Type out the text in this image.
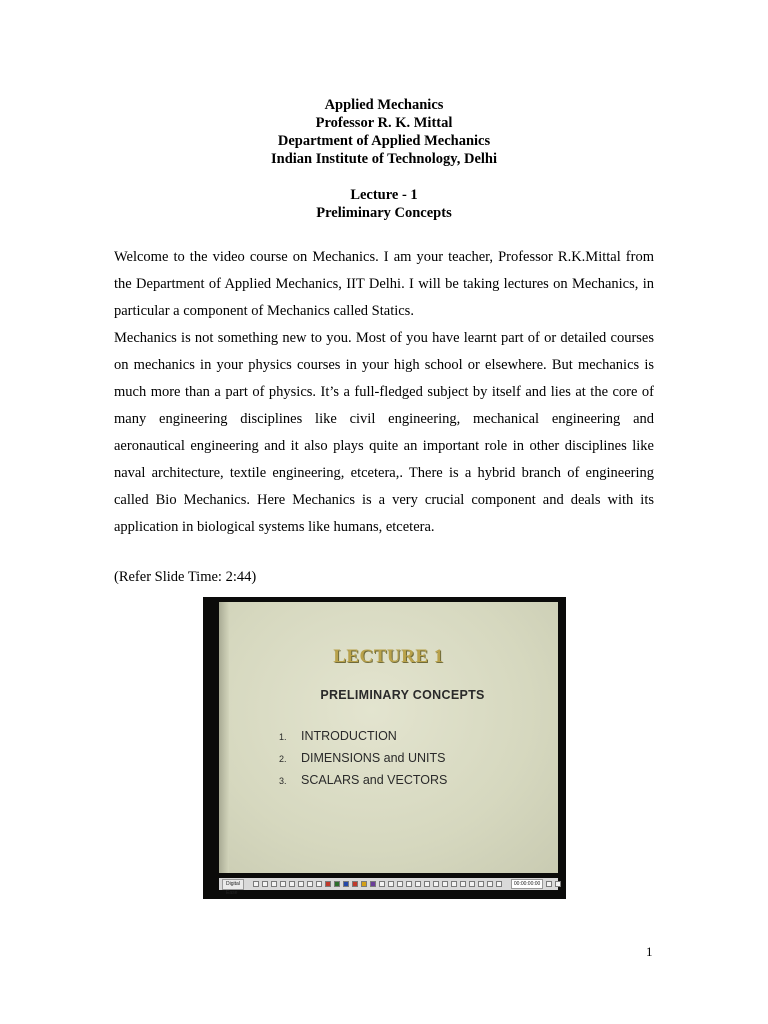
Applied Mechanics
Professor R. K. Mittal
Department of Applied Mechanics
Indian Institute of Technology, Delhi
Lecture - 1
Preliminary Concepts

Welcome to the video course on Mechanics. I am your teacher, Professor R.K.Mittal from the Department of Applied Mechanics, IIT Delhi. I will be taking lectures on Mechanics, in particular a component of Mechanics called Statics.

Mechanics is not something new to you. Most of you have learnt part of or detailed courses on mechanics in your physics courses in your high school or elsewhere. But mechanics is much more than a part of physics. It’s a full-fledged subject by itself and lies at the core of many engineering disciplines like civil engineering, mechanical engineering and aeronautical engineering and it also plays quite an important role in other disciplines like naval architecture, textile engineering, etcetera,. There is a hybrid branch of engineering called Bio Mechanics. Here Mechanics is a very crucial component and deals with its application in biological systems like humans, etcetera.

(Refer Slide Time: 2:44)
LECTURE 1
PRELIMINARY CONCEPTS
1. INTRODUCTION
2. DIMENSIONS and UNITS
3. SCALARS and VECTORS
Digital Ease
00:00:00:00
1
